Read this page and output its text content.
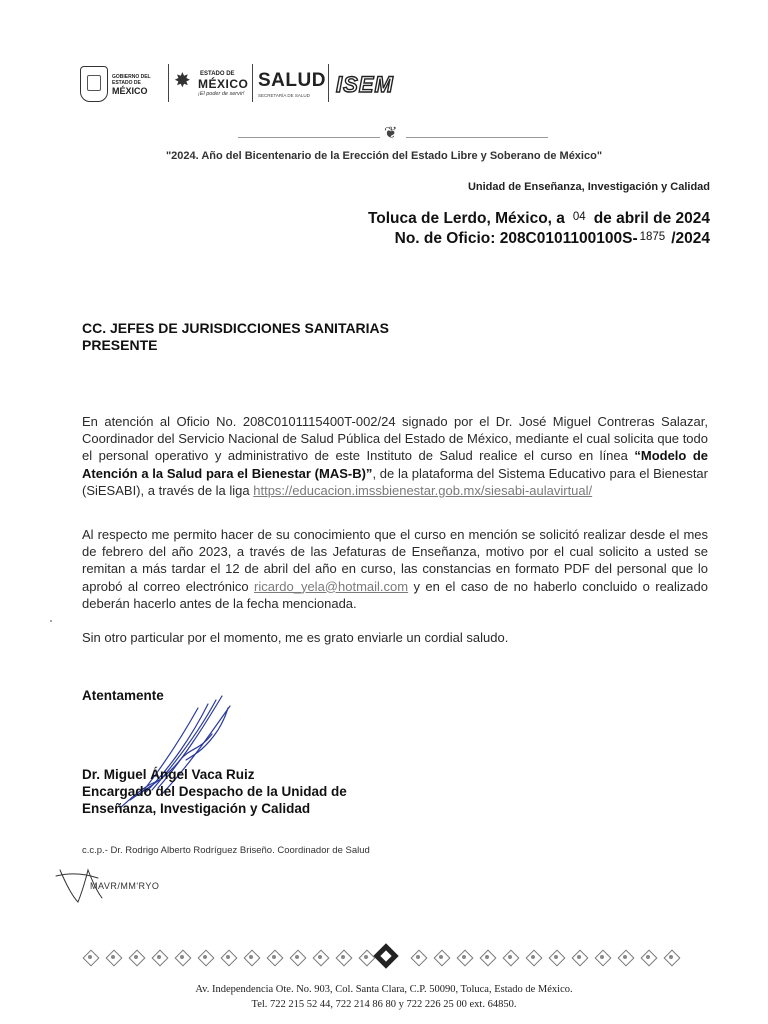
GOBIERNO DEL
ESTADO DE
MÉXICO	✸ ESTADO DE
MÉXICO
¡El poder de servir!
SALUD
SECRETARÍA DE SALUD ISEM
❦
"2024. Año del Bicentenario de la Erección del Estado Libre y Soberano de México"
Unidad de Enseñanza, Investigación y Calidad
Toluca de Lerdo, México, a 04 de abril de 2024
No. de Oficio: 208C0101100100S- 1875 /2024
CC. JEFES DE JURISDICCIONES SANITARIAS
PRESENTE
En atención al Oficio No. 208C0101115400T-002/24 signado por el Dr. José Miguel Contreras Salazar, Coordinador del Servicio Nacional de Salud Pública del Estado de México, mediante el cual solicita que todo el personal operativo y administrativo de este Instituto de Salud realice el curso en línea “Modelo de Atención a la Salud para el Bienestar (MAS-B)”, de la plataforma del Sistema Educativo para el Bienestar (SiESABI), a través de la liga https://educacion.imssbienestar.gob.mx/siesabi-aulavirtual/
Al respecto me permito hacer de su conocimiento que el curso en mención se solicitó realizar desde el mes de febrero del año 2023, a través de las Jefaturas de Enseñanza, motivo por el cual solicito a usted se remitan a más tardar el 12 de abril del año en curso, las constancias en formato PDF del personal que lo aprobó al correo electrónico ricardo_yela@hotmail.com y en el caso de no haberlo concluido o realizado deberán hacerlo antes de la fecha mencionada.
Sin otro particular por el momento, me es grato enviarle un cordial saludo.
Atentamente
Dr. Miguel Ángel Vaca Ruiz
Encargado del Despacho de la Unidad de
Enseñanza, Investigación y Calidad
c.c.p.- Dr. Rodrigo Alberto Rodríguez Briseño. Coordinador de Salud
MAVR/MM'RYO
Av. Independencia Ote. No. 903, Col. Santa Clara, C.P. 50090, Toluca, Estado de México.
Tel. 722 215 52 44, 722 214 86 80 y 722 226 25 00 ext. 64850.
